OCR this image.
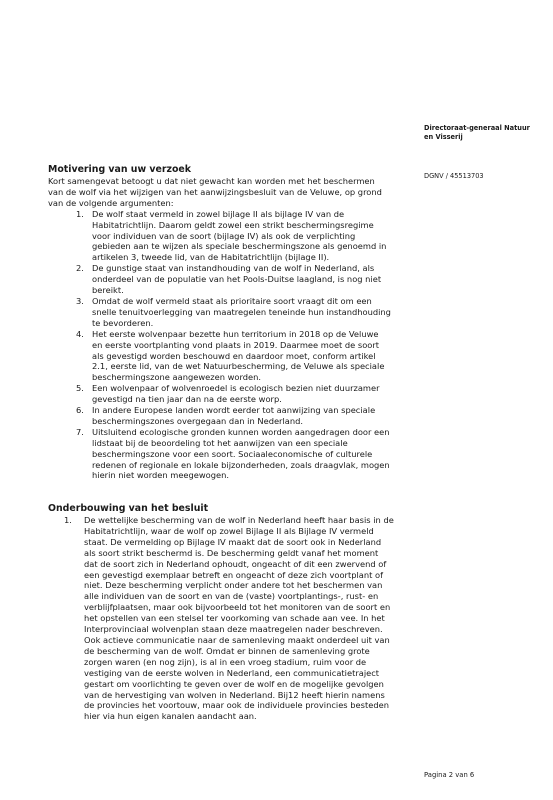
Directoraat-generaal Natuur
en Visserij
DGNV / 45513703
Motivering van uw verzoek
Kort samengevat betoogt u dat niet gewacht kan worden met het beschermen
van de wolf via het wijzigen van het aanwijzingsbesluit van de Veluwe, op grond
van de volgende argumenten:
1. De wolf staat vermeld in zowel bijlage II als bijlage IV van de
Habitatrichtlijn. Daarom geldt zowel een strikt beschermingsregime
voor individuen van de soort (bijlage IV) als ook de verplichting
gebieden aan te wijzen als speciale beschermingszone als genoemd in
artikelen 3, tweede lid, van de Habitatrichtlijn (bijlage II).
2. De gunstige staat van instandhouding van de wolf in Nederland, als
onderdeel van de populatie van het Pools-Duitse laagland, is nog niet
bereikt.
3. Omdat de wolf vermeld staat als prioritaire soort vraagt dit om een
snelle tenuitvoerlegging van maatregelen teneinde hun instandhouding
te bevorderen.
4. Het eerste wolvenpaar bezette hun territorium in 2018 op de Veluwe
en eerste voortplanting vond plaats in 2019. Daarmee moet de soort
als gevestigd worden beschouwd en daardoor moet, conform artikel
2.1, eerste lid, van de wet Natuurbescherming, de Veluwe als speciale
beschermingszone aangewezen worden.
5. Een wolvenpaar of wolvenroedel is ecologisch bezien niet duurzamer
gevestigd na tien jaar dan na de eerste worp.
6. In andere Europese landen wordt eerder tot aanwijzing van speciale
beschermingszones overgegaan dan in Nederland.
7. Uitsluitend ecologische gronden kunnen worden aangedragen door een
lidstaat bij de beoordeling tot het aanwijzen van een speciale
beschermingszone voor een soort. Sociaaleconomische of culturele
redenen of regionale en lokale bijzonderheden, zoals draagvlak, mogen
hierin niet worden meegewogen.
Onderbouwing van het besluit
1.	De wettelijke bescherming van de wolf in Nederland heeft haar basis in de
Habitatrichtlijn, waar de wolf op zowel Bijlage II als Bijlage IV vermeld
staat. De vermelding op Bijlage IV maakt dat de soort ook in Nederland
als soort strikt beschermd is. De bescherming geldt vanaf het moment
dat de soort zich in Nederland ophoudt, ongeacht of dit een zwervend of
een gevestigd exemplaar betreft en ongeacht of deze zich voortplant of
niet. Deze bescherming verplicht onder andere tot het beschermen van
alle individuen van de soort en van de (vaste) voortplantings-, rust- en
verblijfplaatsen, maar ook bijvoorbeeld tot het monitoren van de soort en
het opstellen van een stelsel ter voorkoming van schade aan vee. In het
Interprovinciaal wolvenplan staan deze maatregelen nader beschreven.
Ook actieve communicatie naar de samenleving maakt onderdeel uit van
de bescherming van de wolf. Omdat er binnen de samenleving grote
zorgen waren (en nog zijn), is al in een vroeg stadium, ruim voor de
vestiging van de eerste wolven in Nederland, een communicatietraject
gestart om voorlichting te geven over de wolf en de mogelijke gevolgen
van de hervestiging van wolven in Nederland. Bij12 heeft hierin namens
de provincies het voortouw, maar ook de individuele provincies besteden
hier via hun eigen kanalen aandacht aan.
Pagina 2 van 6
